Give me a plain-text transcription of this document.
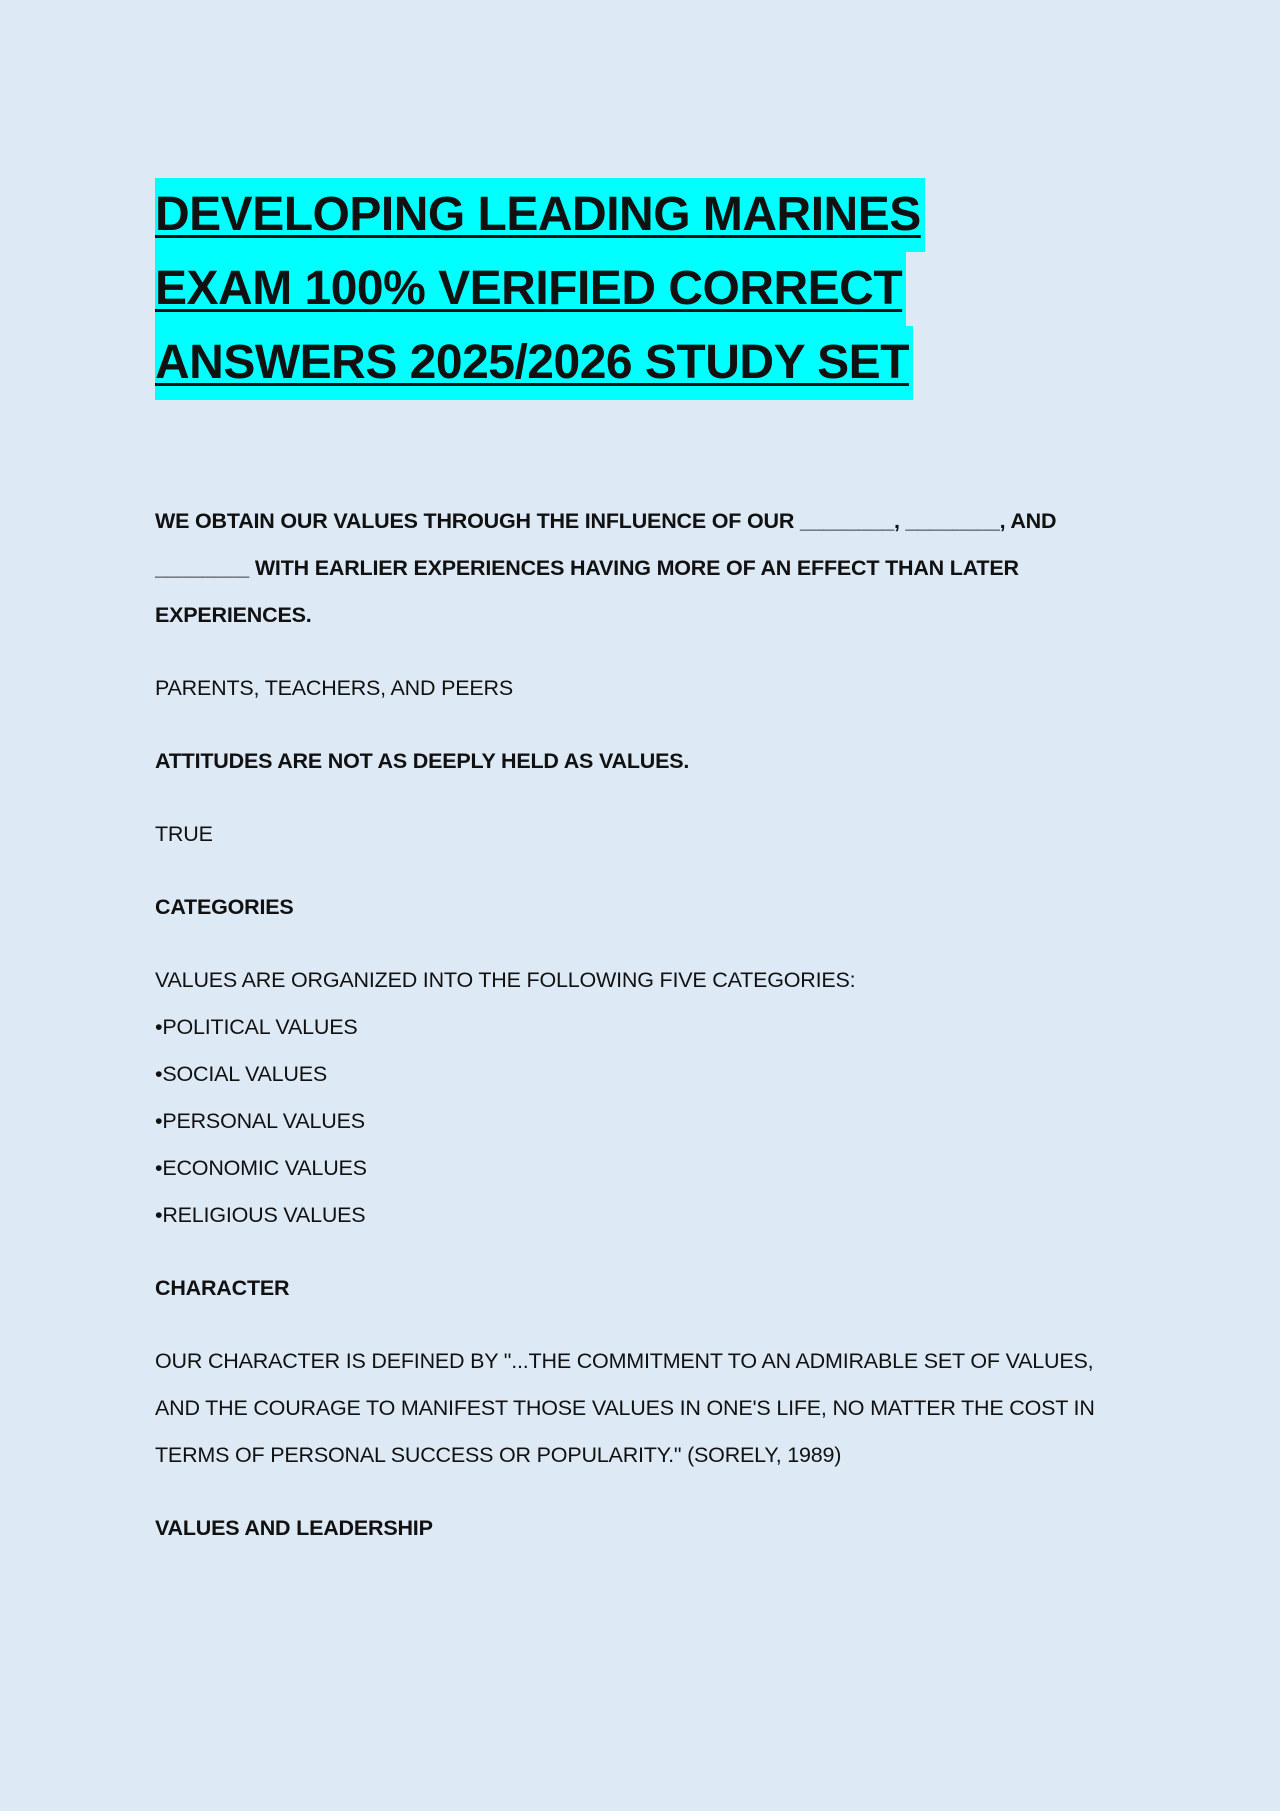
DEVELOPING LEADING MARINES
EXAM 100% VERIFIED CORRECT
ANSWERS 2025/2026 STUDY SET

WE OBTAIN OUR VALUES THROUGH THE INFLUENCE OF OUR ________, ________, AND ________ WITH EARLIER EXPERIENCES HAVING MORE OF AN EFFECT THAN LATER EXPERIENCES.

PARENTS, TEACHERS, AND PEERS

ATTITUDES ARE NOT AS DEEPLY HELD AS VALUES.

TRUE

CATEGORIES

VALUES ARE ORGANIZED INTO THE FOLLOWING FIVE CATEGORIES:

•POLITICAL VALUES
•SOCIAL VALUES
•PERSONAL VALUES
•ECONOMIC VALUES
•RELIGIOUS VALUES

CHARACTER

OUR CHARACTER IS DEFINED BY "...THE COMMITMENT TO AN ADMIRABLE SET OF VALUES, AND THE COURAGE TO MANIFEST THOSE VALUES IN ONE'S LIFE, NO MATTER THE COST IN TERMS OF PERSONAL SUCCESS OR POPULARITY." (SORELY, 1989)

VALUES AND LEADERSHIP
